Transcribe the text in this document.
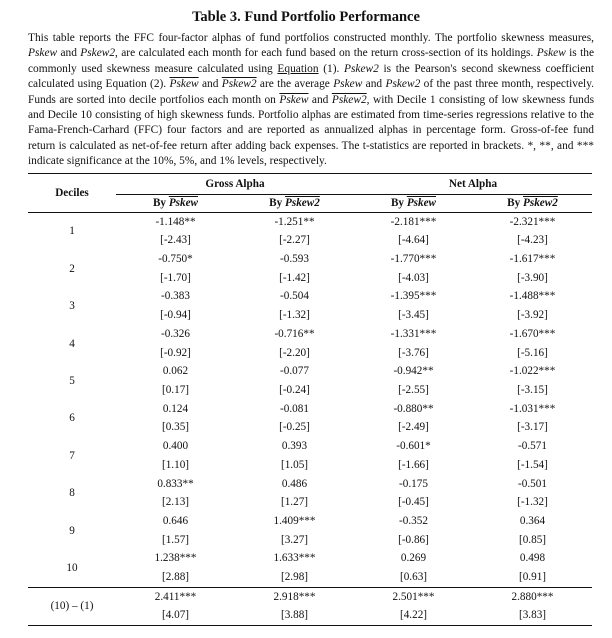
Table 3. Fund Portfolio Performance

This table reports the FFC four-factor alphas of fund portfolios constructed monthly. The portfolio skewness measures, Pskew and Pskew2, are calculated each month for each fund based on the return cross-section of its holdings. Pskew is the commonly used skewness measure calculated using Equation (1). Pskew2 is the Pearson's second skewness coefficient calculated using Equation (2). Pskew and Pskew2 are the average Pskew and Pskew2 of the past three month, respectively. Funds are sorted into decile portfolios each month on Pskew and Pskew2, with Decile 1 consisting of low skewness funds and Decile 10 consisting of high skewness funds. Portfolio alphas are estimated from time-series regressions relative to the Fama-French-Carhard (FFC) four factors and are reported as annualized alphas in percentage form. Gross-of-fee fund return is calculated as net-of-fee return after adding back expenses. The t-statistics are reported in brackets. *, **, and *** indicate significance at the 10%, 5%, and 1% levels, respectively.

Deciles	Gross Alpha		Net Alpha	
	By Pskew	By Pskew2	By Pskew	By Pskew2

1	-1.148**	-1.251**	-2.181***	-2.321***
	[-2.43]	[-2.27]	[-4.64]	[-4.23]
2	-0.750*	-0.593	-1.770***	-1.617***
	[-1.70]	[-1.42]	[-4.03]	[-3.90]
3	-0.383	-0.504	-1.395***	-1.488***
	[-0.94]	[-1.32]	[-3.45]	[-3.92]
4	-0.326	-0.716**	-1.331***	-1.670***
	[-0.92]	[-2.20]	[-3.76]	[-5.16]
5	0.062	-0.077	-0.942**	-1.022***
	[0.17]	[-0.24]	[-2.55]	[-3.15]
6	0.124	-0.081	-0.880**	-1.031***
	[0.35]	[-0.25]	[-2.49]	[-3.17]
7	0.400	0.393	-0.601*	-0.571
	[1.10]	[1.05]	[-1.66]	[-1.54]
8	0.833**	0.486	-0.175	-0.501
	[2.13]	[1.27]	[-0.45]	[-1.32]
9	0.646	1.409***	-0.352	0.364
	[1.57]	[3.27]	[-0.86]	[0.85]
10	1.238***	1.633***	0.269	0.498
	[2.88]	[2.98]	[0.63]	[0.91]
(10) – (1)	2.411***	2.918***	2.501***	2.880***
	[4.07]	[3.88]	[4.22]	[3.83]
